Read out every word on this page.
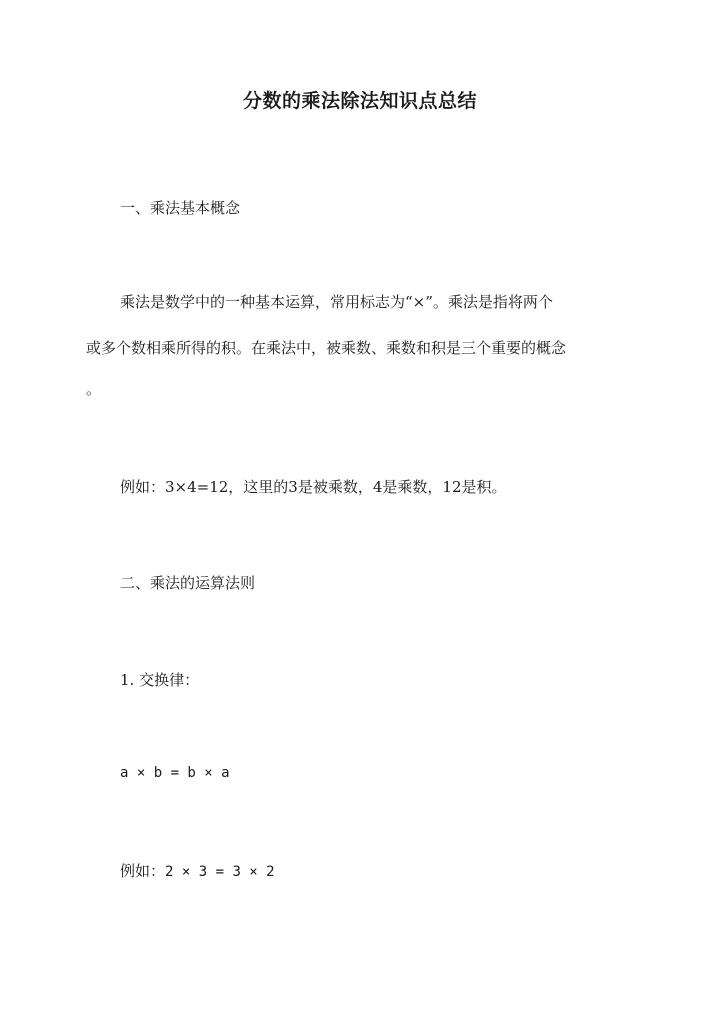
分数的乘法除法知识点总结
一、乘法基本概念
乘法是数学中的一种基本运算，常用标志为“×”。乘法是指将两个
或多个数相乘所得的积。在乘法中，被乘数、乘数和积是三个重要的概念
。
例如：3×4=12，这里的3是被乘数，4是乘数，12是积。
二、乘法的运算法则
1. 交换律：
a × b = b × a
例如：2 × 3 = 3 × 2
